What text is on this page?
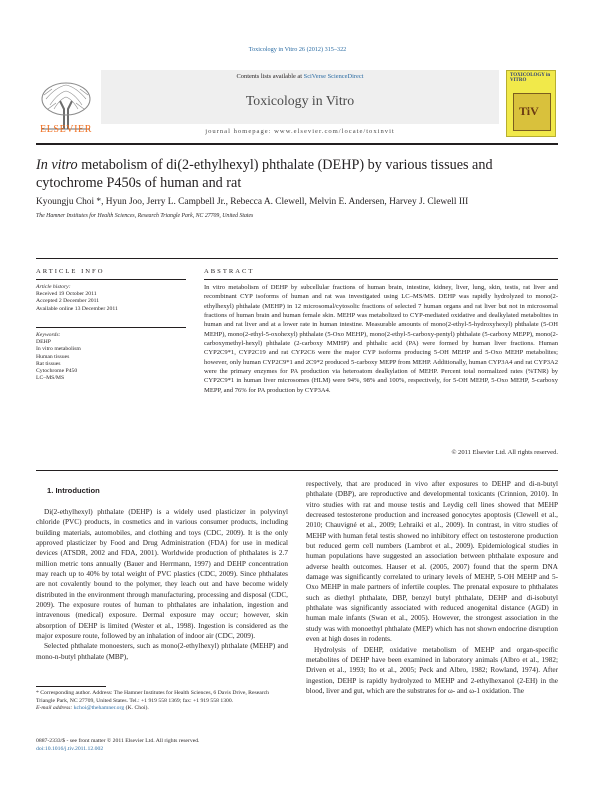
Toxicology in Vitro 26 (2012) 315–322
ELSEVIER
Contents lists available at SciVerse ScienceDirect
Toxicology in Vitro
journal homepage: www.elsevier.com/locate/toxinvit
TOXICOLOGY in VITRO
TiV
In vitro metabolism of di(2-ethylhexyl) phthalate (DEHP) by various tissues and cytochrome P450s of human and rat
Kyoungju Choi *, Hyun Joo, Jerry L. Campbell Jr., Rebecca A. Clewell, Melvin E. Andersen, Harvey J. Clewell III
The Hamner Institutes for Health Sciences, Research Triangle Park, NC 27709, United States
ARTICLE INFO
Article history:
Received 19 October 2011
Accepted 2 December 2011
Available online 13 December 2011
Keywords:
DEHP
In vitro metabolism
Human tissues
Rat tissues
Cytochrome P450
LC–MS/MS
ABSTRACT
In vitro metabolism of DEHP by subcellular fractions of human brain, intestine, kidney, liver, lung, skin, testis, rat liver and recombinant CYP isoforms of human and rat was investigated using LC–MS/MS. DEHP was rapidly hydrolyzed to mono(2-ethylhexyl) phthalate (MEHP) in 12 microsomal/cytosolic fractions of selected 7 human organs and rat liver but not in microsomal fractions of human brain and human female skin. MEHP was metabolized to CYP-mediated oxidative and dealkylated metabolites in human and rat liver and at a lower rate in human intestine. Measurable amounts of mono(2-ethyl-5-hydroxyhexyl) phthalate (5-OH MEHP), mono(2-ethyl-5-oxohexyl) phthalate (5-Oxo MEHP), mono(2-ethyl-5-carboxy-pentyl) phthalate (5-carboxy MEPP), mono(2-carboxymethyl-hexyl) phthalate (2-carboxy MMHP) and phthalic acid (PA) were formed by human liver fractions. Human CYP2C9*1, CYP2C19 and rat CYP2C6 were the major CYP isoforms producing 5-OH MEHP and 5-Oxo MEHP metabolites; however, only human CYP2C9*1 and 2C9*2 produced 5-carboxy MEPP from MEHP. Additionally, human CYP3A4 and rat CYP3A2 were the primary enzymes for PA production via heteroatom dealkylation of MEHP. Percent total normalized rates (%TNR) by CYP2C9*1 in human liver microsomes (HLM) were 94%, 98% and 100%, respectively, for 5-OH MEHP, 5-Oxo MEHP, 5-carboxy MEPP, and 76% for PA production by CYP3A4.
© 2011 Elsevier Ltd. All rights reserved.
1. Introduction

Di(2-ethylhexyl) phthalate (DEHP) is a widely used plasticizer in polyvinyl chloride (PVC) products, in cosmetics and in various consumer products, including building materials, automobiles, and clothing and toys (CDC, 2009). It is the only approved plasticizer by Food and Drug Administration (FDA) for use in medical devices (ATSDR, 2002 and FDA, 2001). Worldwide production of phthalates is 2.7 million metric tons annually (Bauer and Herrmann, 1997) and DEHP concentration may reach up to 40% by total weight of PVC plastics (CDC, 2009). Since phthalates are not covalently bound to the polymer, they leach out and have become widely distributed in the environment through manufacturing, processing and disposal (CDC, 2009). The exposure routes of human to phthalates are inhalation, ingestion and intravenous (medical) exposure. Dermal exposure may occur; however, skin absorption of DEHP is limited (Wester et al., 1998). Ingestion is considered as the major exposure route, followed by an inhalation of indoor air (CDC, 2009).

Selected phthalate monoesters, such as mono(2-ethylhexyl) phthalate (MEHP) and mono-n-butyl phthalate (MBP),

respectively, that are produced in vivo after exposures to DEHP and di-n-butyl phthalate (DBP), are reproductive and developmental toxicants (Crinnion, 2010). In vitro studies with rat and mouse testis and Leydig cell lines showed that MEHP decreased testosterone production and increased gonocytes apoptosis (Clewell et al., 2010; Chauvigné et al., 2009; Lehraiki et al., 2009). In contrast, in vitro studies of MEHP with human fetal testis showed no inhibitory effect on testosterone production but reduced germ cell numbers (Lambrot et al., 2009). Epidemiological studies in human populations have suggested an association between phthalate exposure and adverse health outcomes. Hauser et al. (2005, 2007) found that the sperm DNA damage was significantly correlated to urinary levels of MEHP, 5-OH MEHP and 5-Oxo MEHP in male partners of infertile couples. The prenatal exposure to phthalates such as diethyl phthalate, DBP, benzyl butyl phthalate, DEHP and di-isobutyl phthalate was significantly associated with reduced anogenital distance (AGD) in human male infants (Swan et al., 2005). However, the strongest association in the study was with monoethyl phthalate (MEP) which has not shown endocrine disruption even at high doses in rodents.

Hydrolysis of DEHP, oxidative metabolism of MEHP and organ-specific metabolites of DEHP have been examined in laboratory animals (Albro et al., 1982; Driven et al., 1993; Ito et al., 2005; Peck and Albro, 1982; Rowland, 1974). After ingestion, DEHP is rapidly hydrolyzed to MEHP and 2-ethylhexanol (2-EH) in the blood, liver and gut, which are the substrates for ω- and ω-1 oxidation. The

* Corresponding author. Address: The Hamner Institutes for Health Sciences, 6 Davis Drive, Research Triangle Park, NC 27709, United States. Tel.: +1 919 558 1369; fax: +1 919 558 1300.
E-mail address: kchoi@thehamner.org (K. Choi).
0887-2333/$ - see front matter © 2011 Elsevier Ltd. All rights reserved.
doi:10.1016/j.tiv.2011.12.002
